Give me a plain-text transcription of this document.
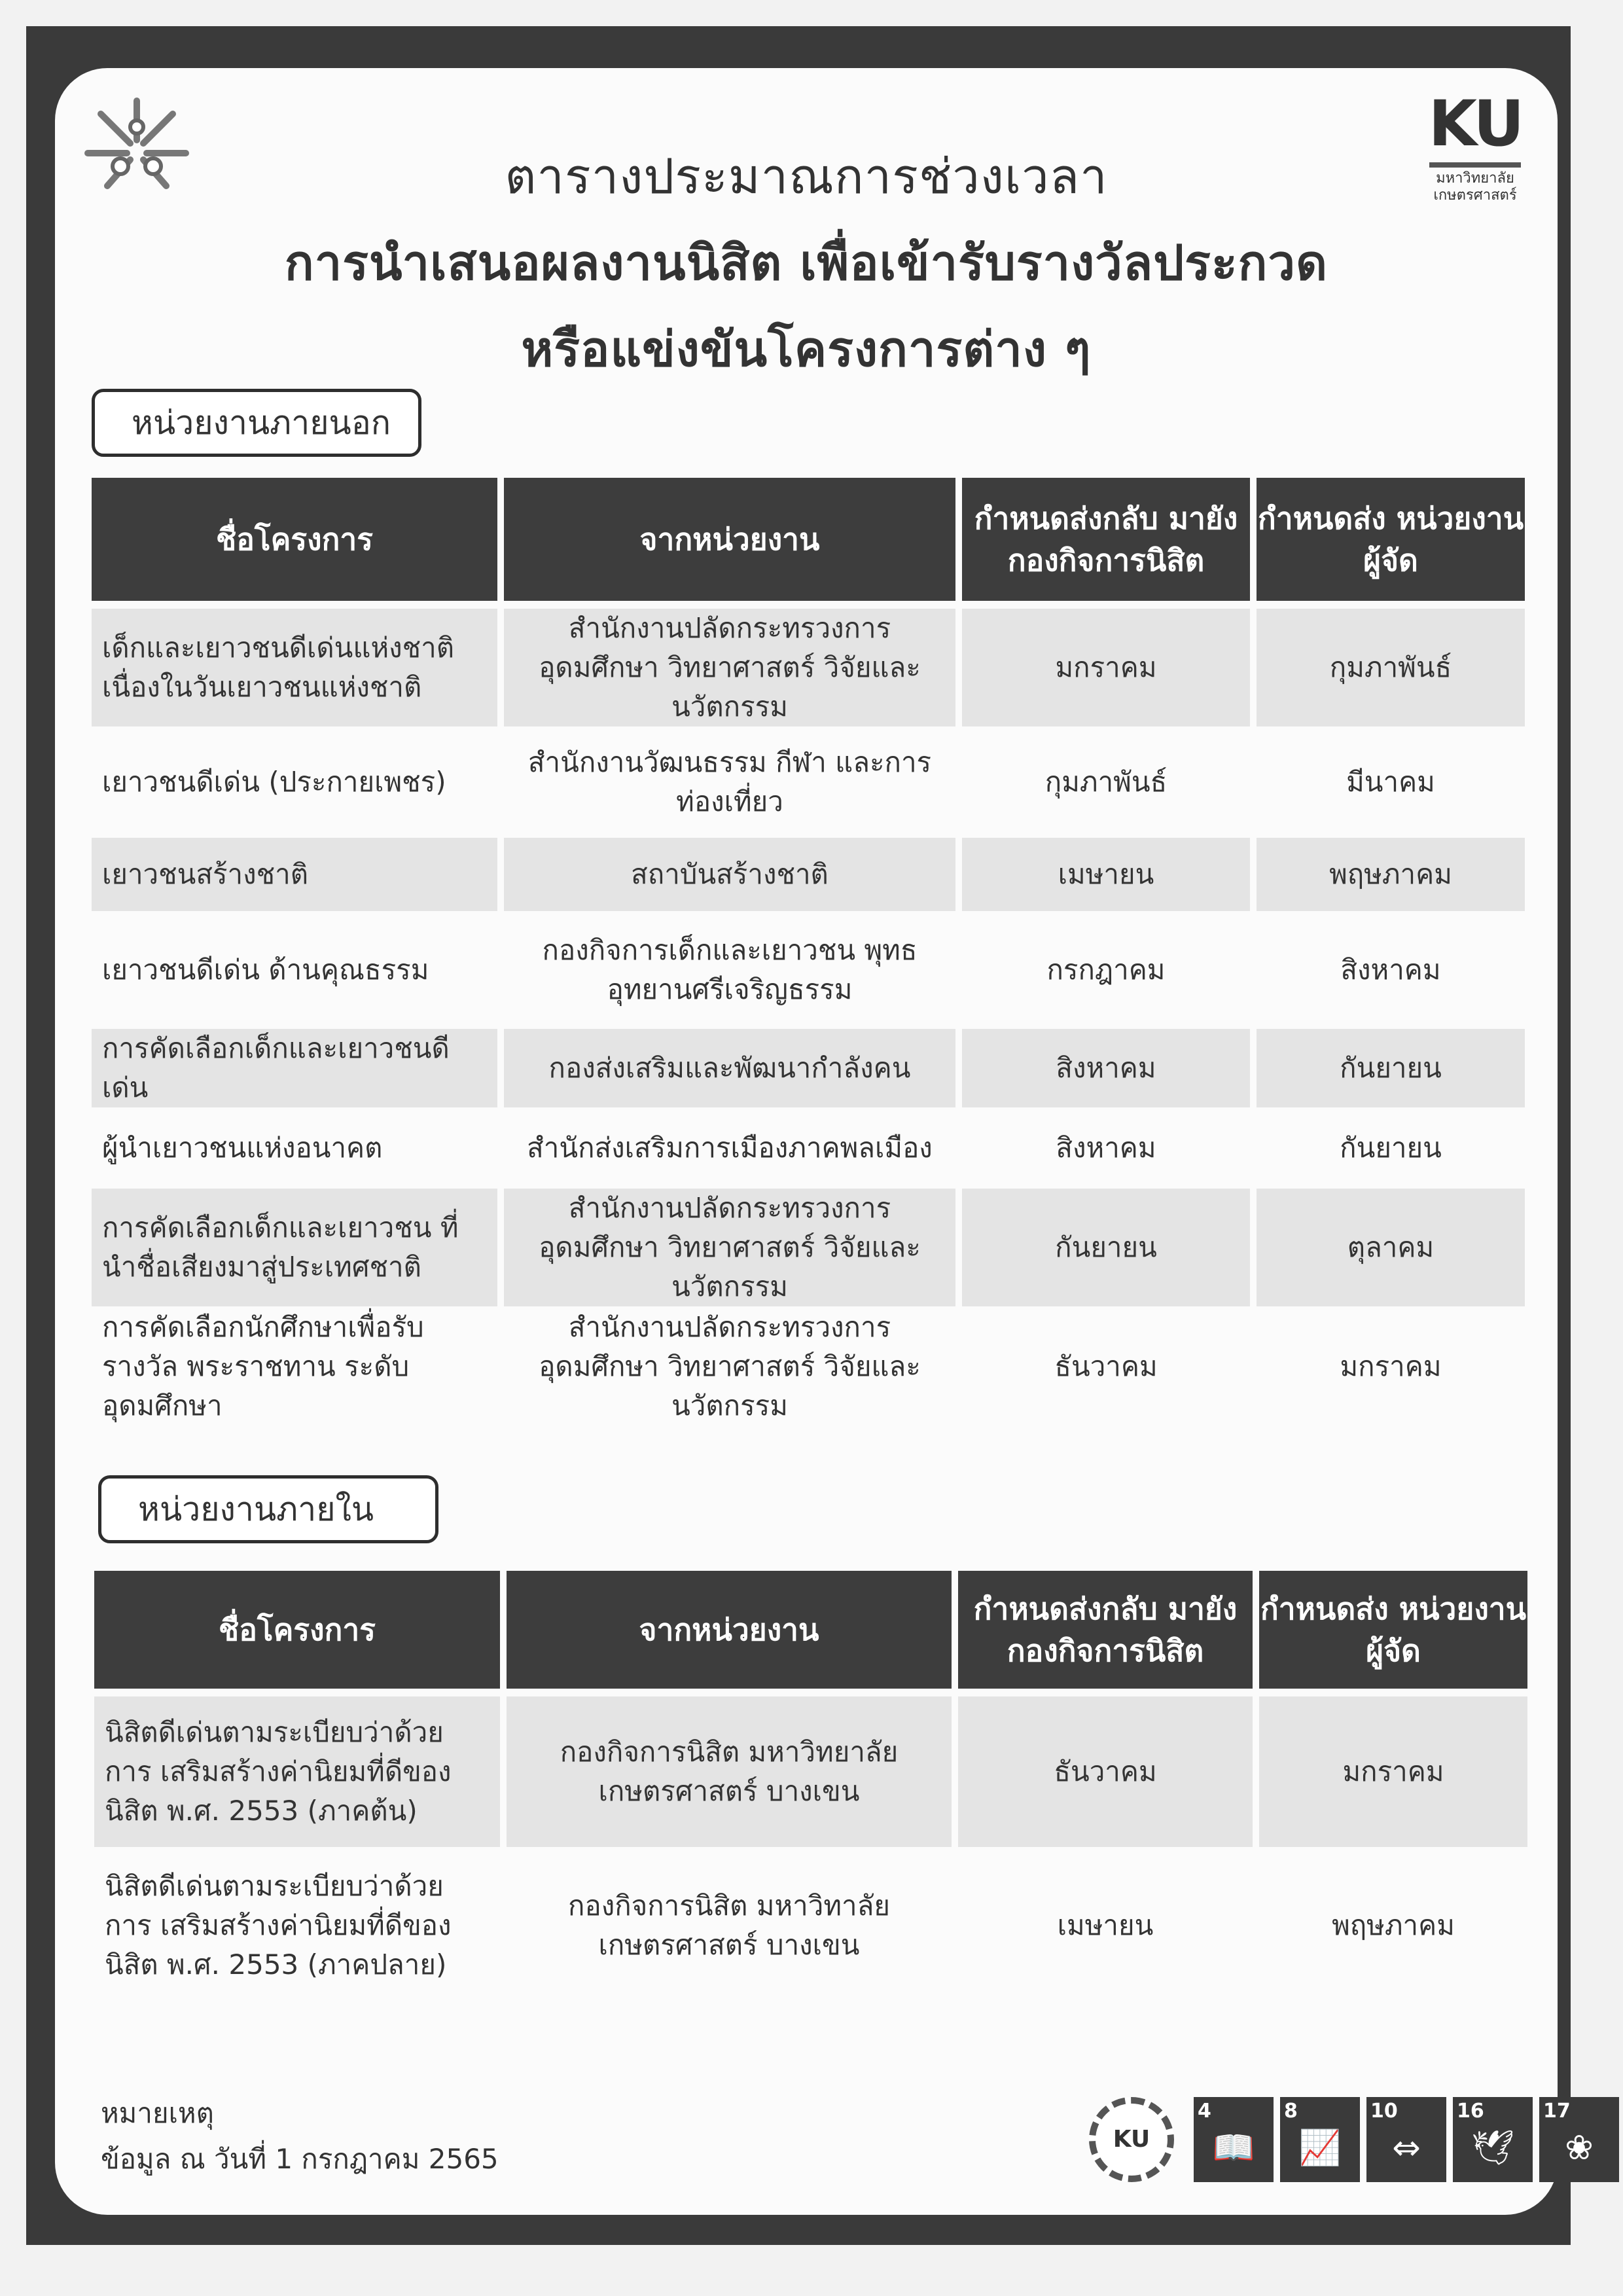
KU
มหาวิทยาลัย
เกษตรศาสตร์
ตารางประมาณการช่วงเวลา
การนำเสนอผลงานนิสิต เพื่อเข้ารับรางวัลประกวด
หรือแข่งขันโครงการต่าง ๆ
หน่วยงานภายนอก
ชื่อโครงการ	จากหน่วยงาน	กำหนดส่งกลับ มายังกองกิจการนิสิต	กำหนดส่ง หน่วยงานผู้จัด
เด็กและเยาวชนดีเด่นแห่งชาติ เนื่องในวันเยาวชนแห่งชาติ	สำนักงานปลัดกระทรวงการอุดมศึกษา วิทยาศาสตร์ วิจัยและนวัตกรรม	มกราคม	กุมภาพันธ์
เยาวชนดีเด่น (ประกายเพชร)	สำนักงานวัฒนธรรม กีฬา และการท่องเที่ยว	กุมภาพันธ์	มีนาคม
เยาวชนสร้างชาติ	สถาบันสร้างชาติ	เมษายน	พฤษภาคม
เยาวชนดีเด่น ด้านคุณธรรม	กองกิจการเด็กและเยาวชน พุทธอุทยานศรีเจริญธรรม	กรกฎาคม	สิงหาคม
การคัดเลือกเด็กและเยาวชนดีเด่น	กองส่งเสริมและพัฒนากำลังคน	สิงหาคม	กันยายน
ผู้นำเยาวชนแห่งอนาคต	สำนักส่งเสริมการเมืองภาคพลเมือง	สิงหาคม	กันยายน
การคัดเลือกเด็กและเยาวชน ที่นำชื่อเสียงมาสู่ประเทศชาติ	สำนักงานปลัดกระทรวงการอุดมศึกษา วิทยาศาสตร์ วิจัยและนวัตกรรม	กันยายน	ตุลาคม
การคัดเลือกนักศึกษาเพื่อรับรางวัล พระราชทาน ระดับอุดมศึกษา	สำนักงานปลัดกระทรวงการอุดมศึกษา วิทยาศาสตร์ วิจัยและนวัตกรรม	ธันวาคม	มกราคม
หน่วยงานภายใน
ชื่อโครงการ	จากหน่วยงาน	กำหนดส่งกลับ มายังกองกิจการนิสิต	กำหนดส่ง หน่วยงานผู้จัด
นิสิตดีเด่นตามระเบียบว่าด้วยการ เสริมสร้างค่านิยมที่ดีของนิสิต พ.ศ. 2553 (ภาคต้น)	กองกิจการนิสิต มหาวิทยาลัยเกษตรศาสตร์ บางเขน	ธันวาคม	มกราคม
นิสิตดีเด่นตามระเบียบว่าด้วยการ เสริมสร้างค่านิยมที่ดีของนิสิต พ.ศ. 2553 (ภาคปลาย)	กองกิจการนิสิต มหาวิทาลัยเกษตรศาสตร์ บางเขน	เมษายน	พฤษภาคม
หมายเหตุ
ข้อมูล ณ วันที่ 1 กรกฎาคม 2565
KU
4
📖
8
📈
10
⇔
16
🕊
17
❀
